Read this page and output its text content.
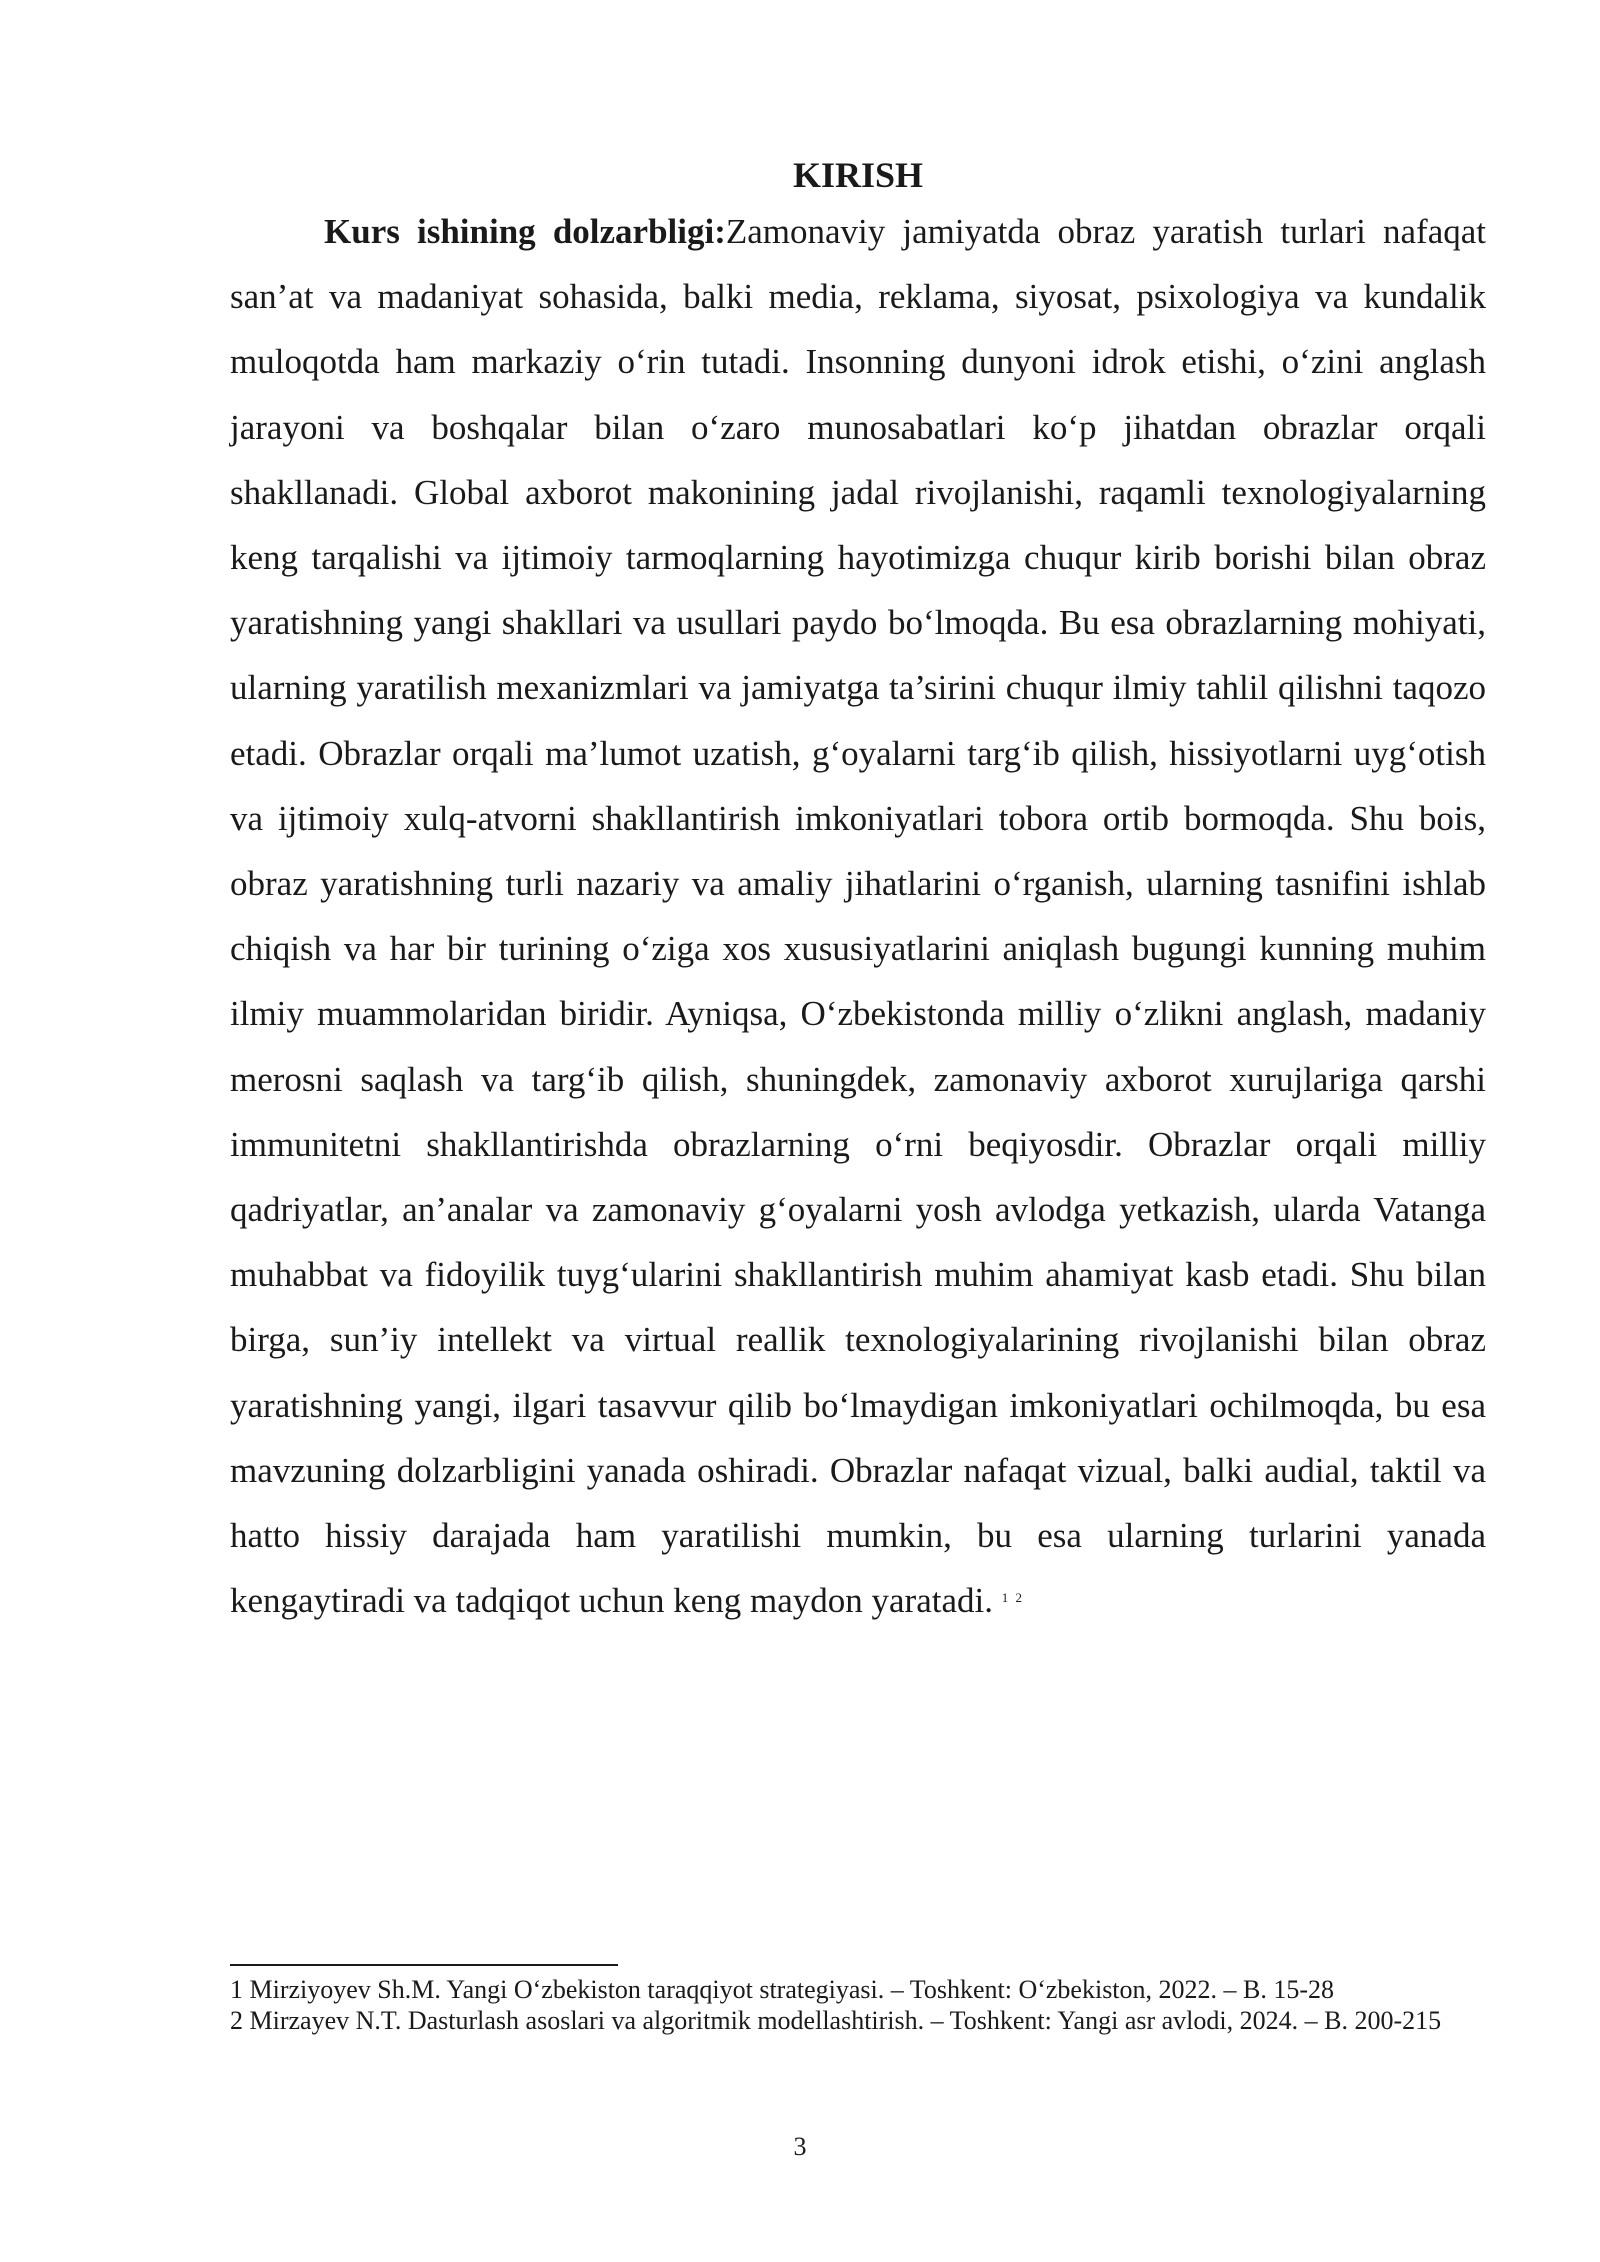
KIRISH

Kurs ishining dolzarbligi:Zamonaviy jamiyatda obraz yaratish turlari nafaqat san’at va madaniyat sohasida, balki media, reklama, siyosat, psixologiya va kundalik muloqotda ham markaziy o‘rin tutadi. Insonning dunyoni idrok etishi, o‘zini anglash jarayoni va boshqalar bilan o‘zaro munosabatlari ko‘p jihatdan obrazlar orqali shakllanadi. Global axborot makonining jadal rivojlanishi, raqamli texnologiyalarning keng tarqalishi va ijtimoiy tarmoqlarning hayotimizga chuqur kirib borishi bilan obraz yaratishning yangi shakllari va usullari paydo bo‘lmoqda. Bu esa obrazlarning mohiyati, ularning yaratilish mexanizmlari va jamiyatga ta’sirini chuqur ilmiy tahlil qilishni taqozo etadi. Obrazlar orqali ma’lumot uzatish, g‘oyalarni targ‘ib qilish, hissiyotlarni uyg‘otish va ijtimoiy xulq-atvorni shakllantirish imkoniyatlari tobora ortib bormoqda. Shu bois, obraz yaratishning turli nazariy va amaliy jihatlarini o‘rganish, ularning tasnifini ishlab chiqish va har bir turining o‘ziga xos xususiyatlarini aniqlash bugungi kunning muhim ilmiy muammolaridan biridir. Ayniqsa, O‘zbekistonda milliy o‘zlikni anglash, madaniy merosni saqlash va targ‘ib qilish, shuningdek, zamonaviy axborot xurujlariga qarshi immunitetni shakllantirishda obrazlarning o‘rni beqiyosdir. Obrazlar orqali milliy qadriyatlar, an’analar va zamonaviy g‘oyalarni yosh avlodga yetkazish, ularda Vatanga muhabbat va fidoyilik tuyg‘ularini shakllantirish muhim ahamiyat kasb etadi. Shu bilan birga, sun’iy intellekt va virtual reallik texnologiyalarining rivojlanishi bilan obraz yaratishning yangi, ilgari tasavvur qilib bo‘lmaydigan imkoniyatlari ochilmoqda, bu esa mavzuning dolzarbligini yanada oshiradi. Obrazlar nafaqat vizual, balki audial, taktil va hatto hissiy darajada ham yaratilishi mumkin, bu esa ularning turlarini yanada kengaytiradi va tadqiqot uchun keng maydon yaratadi. $^{1 2}$

1 Mirziyoyev Sh.M. Yangi O‘zbekiston taraqqiyot strategiyasi. – Toshkent: O‘zbekiston, 2022. – B. 15-28
2 Mirzayev N.T. Dasturlash asoslari va algoritmik modellashtirish. – Toshkent: Yangi asr avlodi, 2024. – B. 200-215
3
